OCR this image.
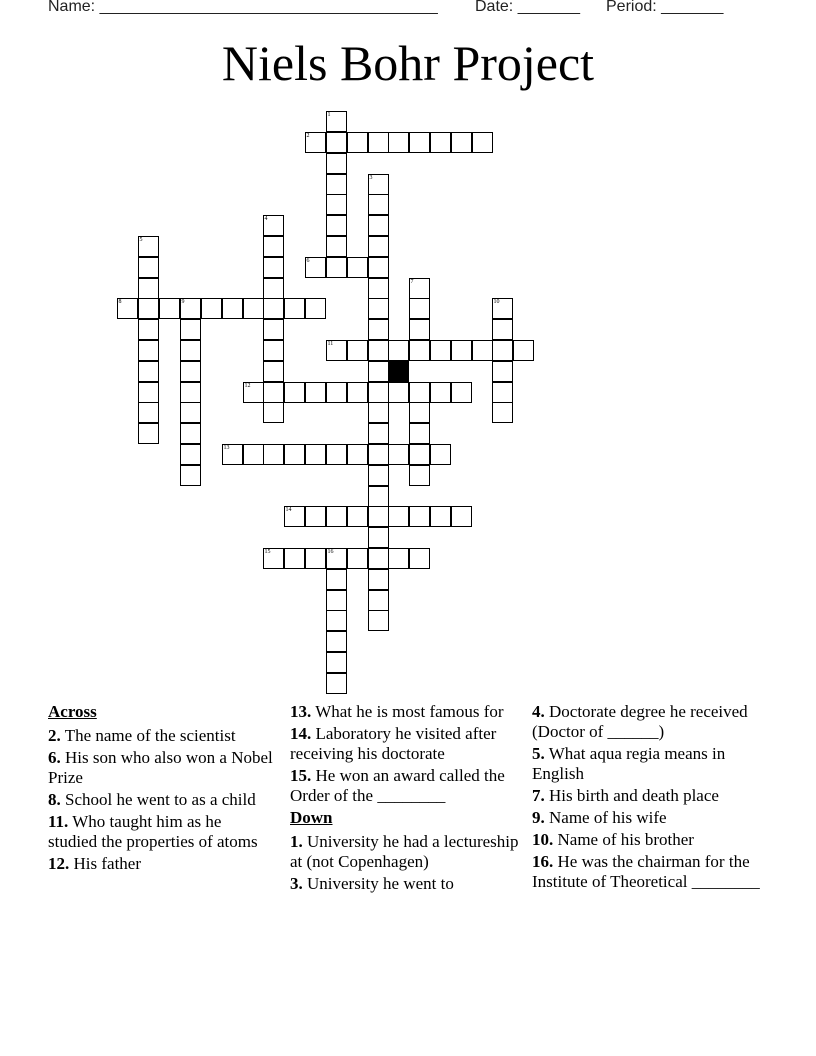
Name: ______________________________________ Date: _______ Period: _______
Niels Bohr Project
1
2
3
4
5
6
7
8	9	10
11
12
13
14
15	16
Across
2. The name of the scientist
6. His son who also won a Nobel Prize
8. School he went to as a child
11. Who taught him as he studied the properties of atoms
12. His father
13. What he is most famous for
14. Laboratory he visited after receiving his doctorate
15. He won an award called the Order of the ________
Down
1. University he had a lectureship at (not Copenhagen)
3. University he went to
4. Doctorate degree he received (Doctor of ______)
5. What aqua regia means in English
7. His birth and death place
9. Name of his wife
10. Name of his brother
16. He was the chairman for the Institute of Theoretical ________
